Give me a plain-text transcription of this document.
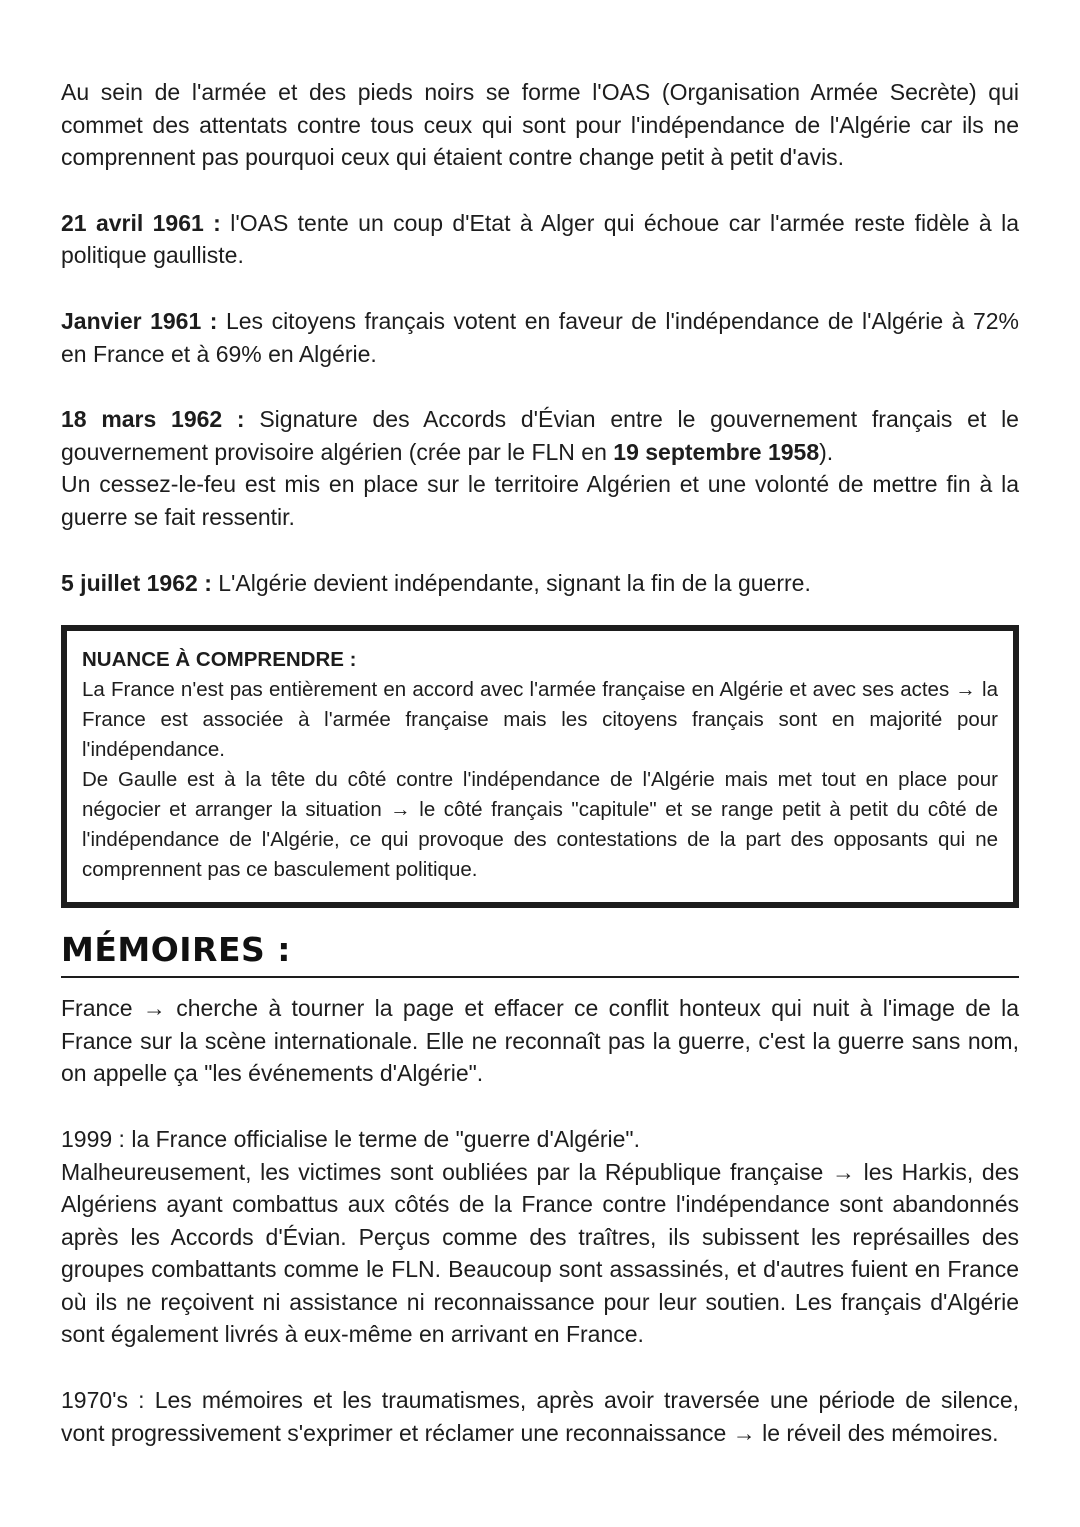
Au sein de l'armée et des pieds noirs se forme l'OAS (Organisation Armée Secrète) qui commet des attentats contre tous ceux qui sont pour l'indépendance de l'Algérie car ils ne comprennent pas pourquoi ceux qui étaient contre change petit à petit d'avis.

21 avril 1961 : l'OAS tente un coup d'Etat à Alger qui échoue car l'armée reste fidèle à la politique gaulliste.

Janvier 1961 : Les citoyens français votent en faveur de l'indépendance de l'Algérie à 72% en France et à 69% en Algérie.

18 mars 1962 : Signature des Accords d'Évian entre le gouvernement français et le gouvernement provisoire algérien (crée par le FLN en 19 septembre 1958).

Un cessez-le-feu est mis en place sur le territoire Algérien et une volonté de mettre fin à la guerre se fait ressentir.

5 juillet 1962 : L'Algérie devient indépendante, signant la fin de la guerre.

NUANCE À COMPRENDRE :

La France n'est pas entièrement en accord avec l'armée française en Algérie et avec ses actes → la France est associée à l'armée française mais les citoyens français sont en majorité pour l'indépendance.

De Gaulle est à la tête du côté contre l'indépendance de l'Algérie mais met tout en place pour négocier et arranger la situation → le côté français "capitule" et se range petit à petit du côté de l'indépendance de l'Algérie, ce qui provoque des contestations de la part des opposants qui ne comprennent pas ce basculement politique.

MÉMOIRES :

France → cherche à tourner la page et effacer ce conflit honteux qui nuit à l'image de la France sur la scène internationale. Elle ne reconnaît pas la guerre, c'est la guerre sans nom, on appelle ça "les événements d'Algérie".

1999 : la France officialise le terme de "guerre d'Algérie".

Malheureusement, les victimes sont oubliées par la République française → les Harkis, des Algériens ayant combattus aux côtés de la France contre l'indépendance sont abandonnés après les Accords d'Évian. Perçus comme des traîtres, ils subissent les représailles des groupes combattants comme le FLN. Beaucoup sont assassinés, et d'autres fuient en France où ils ne reçoivent ni assistance ni reconnaissance pour leur soutien. Les français d'Algérie sont également livrés à eux-même en arrivant en France.

1970's : Les mémoires et les traumatismes, après avoir traversée une période de silence, vont progressivement s'exprimer et réclamer une reconnaissance → le réveil des mémoires.
